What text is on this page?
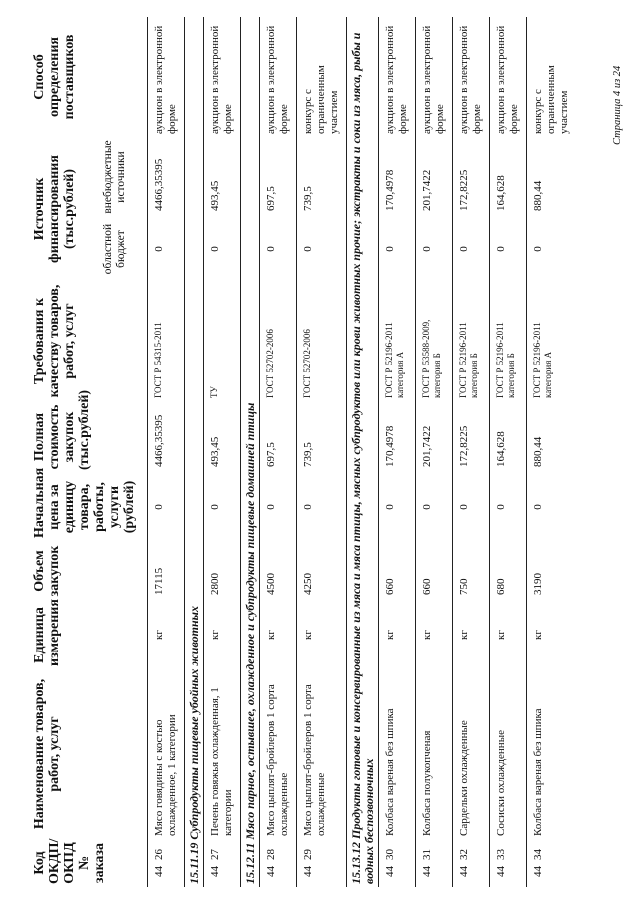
Код ОКДП/ ОКПД № заказа	Наименование товаров, работ, услуг	Единица измерения	Объем закупок	Начальная цена за единицу товара, работы, услуги (рублей)	Полная стоимость закупок (тыс.рублей)	Требования к качеству товаров, работ, услуг	Источник финансирования (тыс.рублей)		Способ определения поставщиков
							областной бюджет	внебюджетные источники	
4426	Мясо говядины с костью охлажденное, 1 категории	кг	17115	0	4466,35395	ГОСТ Р 54315-2011	0	4466,35395	аукцион в электронной форме
15.11.19 Субпродукты пищевые убойных животных									
4427	Печень говяжья охлажденная, 1 категории	кг	2800	0	493,45	ТУ	0	493,45	аукцион в электронной форме
15.12.11 Мясо парное, остывшее, охлажденное и субпродукты пищевые домашней птицы									
4428	Мясо цыплят-бройлеров 1 сорта охлажденные	кг	4500	0	697,5	ГОСТ 52702-2006	0	697,5	аукцион в электронной форме
4429	Мясо цыплят-бройлеров 1 сорта охлажденные	кг	4250	0	739,5	ГОСТ 52702-2006	0	739,5	конкурс с ограниченным участием
15.13.12 Продукты готовые и консервированные из мяса и мяса птицы, мясных субпродуктов или крови животных прочие; экстракты и соки из мяса, рыбы и водных беспозвоночных									
4430	Колбаса вареная без шпика	кг	660	0	170,4978	ГОСТ Р 52196-2011 категория А	0	170,4978	аукцион в электронной форме
4431	Колбаса полукопченая	кг	660	0	201,7422	ГОСТ Р 53588-2009, категория Б	0	201,7422	аукцион в электронной форме
4432	Сардельки охлажденные	кг	750	0	172,8225	ГОСТ Р 52196-2011 категория Б	0	172,8225	аукцион в электронной форме
4433	Сосиски охлажденные	кг	680	0	164,628	ГОСТ Р 52196-2011 категория Б	0	164,628	аукцион в электронной форме
4434	Колбаса вареная без шпика	кг	3190	0	880,44	ГОСТ Р 52196-2011 категория А	0	880,44	конкурс с ограниченным участием	Страница 4 из 24
